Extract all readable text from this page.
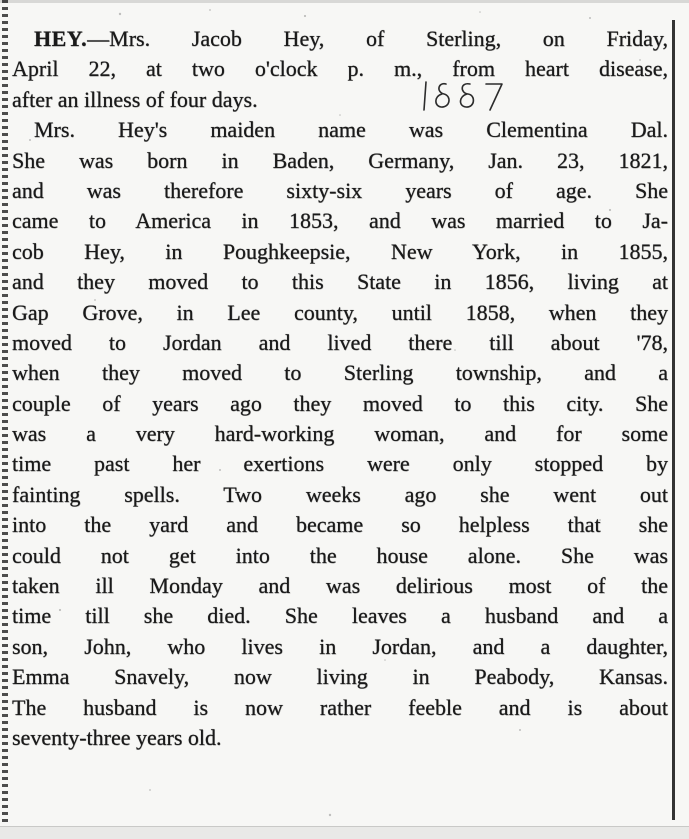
HEY.—Mrs. Jacob Hey, of Sterling, on Friday,
April 22, at two o'clock p. m., from heart disease,
after an illness of four days.
Mrs. Hey's maiden name was Clementina Dal.
She was born in Baden, Germany, Jan. 23, 1821,
and was therefore sixty-six years of age. She
came to America in 1853, and was married to Ja-
cob Hey, in Poughkeepsie, New York, in 1855,
and they moved to this State in 1856, living at
Gap Grove, in Lee county, until 1858, when they
moved to Jordan and lived there till about '78,
when they moved to Sterling township, and a
couple of years ago they moved to this city. She
was a very hard-working woman, and for some
time past her exertions were only stopped by
fainting spells. Two weeks ago she went out
into the yard and became so helpless that she
could not get into the house alone. She was
taken ill Monday and was delirious most of the
time till she died. She leaves a husband and a
son, John, who lives in Jordan, and a daughter,
Emma Snavely, now living in Peabody, Kansas.
The husband is now rather feeble and is about
seventy-three years old.
